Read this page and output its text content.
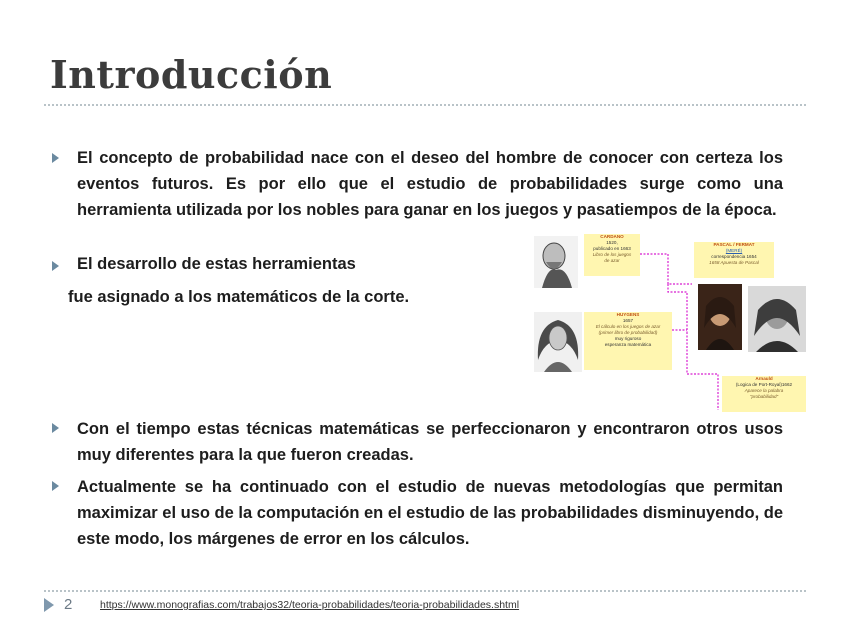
Introducción
El concepto de probabilidad nace con el deseo del hombre de conocer con certeza los eventos futuros. Es por ello que el estudio de probabilidades surge como una herramienta utilizada por los nobles para ganar en los juegos y pasatiempos de la época.
El desarrollo de estas herramientas
fue asignado a los matemáticos de la corte.
CARDANO
1520,
publicado en 1663
Libro de los juegos
de azar
PASCAL / FERMAT
(MERÉ)
correspondencia 1654
1658 Apuesta de Pascal
HUYGENS
1657
El cálculo en los juegos de azar
(primer libro de probabilidad)
muy riguroso
esperanza matemática
Arnauld
(Logica de Port-Royal)1662
Aparece la palabra
"probabilidad"
Con el tiempo estas técnicas matemáticas se perfeccionaron y encontraron otros usos muy diferentes para la que fueron creadas.
Actualmente se ha continuado con el estudio de nuevas metodologías que permitan maximizar el uso de la computación en el estudio de las probabilidades disminuyendo, de este modo, los márgenes de error en los cálculos.
2	https://www.monografias.com/trabajos32/teoria-probabilidades/teoria-probabilidades.shtml
